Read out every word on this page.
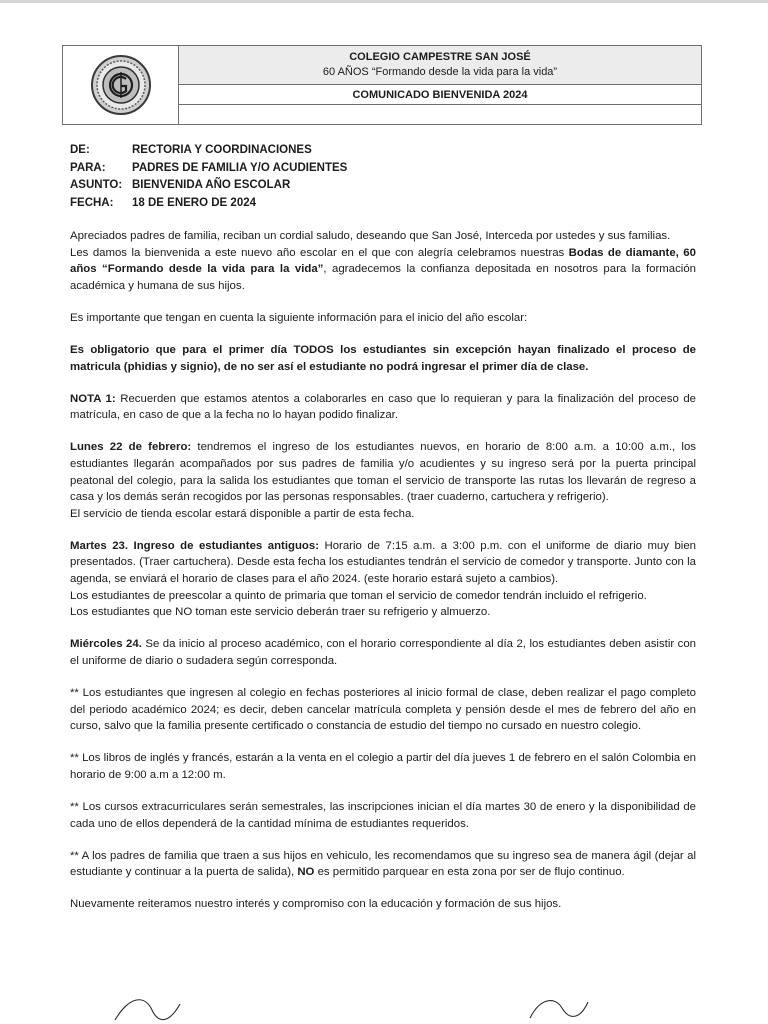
COLEGIO CAMPESTRE SAN JOSÉ
60 AÑOS “Formando desde la vida para la vida”
COMUNICADO BIENVENIDA 2024
DE:	RECTORIA Y COORDINACIONES
PARA:	PADRES DE FAMILIA Y/O ACUDIENTES
ASUNTO: BIENVENIDA AÑO ESCOLAR
FECHA:	18 DE ENERO DE 2024

Apreciados padres de familia, reciban un cordial saludo, deseando que San José, Interceda por ustedes y sus familias.

Les damos la bienvenida a este nuevo año escolar en el que con alegría celebramos nuestras Bodas de diamante, 60 años “Formando desde la vida para la vida”, agradecemos la confianza depositada en nosotros para la formación académica y humana de sus hijos.

Es importante que tengan en cuenta la siguiente información para el inicio del año escolar:

Es obligatorio que para el primer día TODOS los estudiantes sin excepción hayan finalizado el proceso de matricula (phidias y signio), de no ser así el estudiante no podrá ingresar el primer día de clase.

NOTA 1: Recuerden que estamos atentos a colaborarles en caso que lo requieran y para la finalización del proceso de matrícula, en caso de que a la fecha no lo hayan podido finalizar.

Lunes 22 de febrero: tendremos el ingreso de los estudiantes nuevos, en horario de 8:00 a.m. a 10:00 a.m., los estudiantes llegarán acompañados por sus padres de familia y/o acudientes y su ingreso será por la puerta principal peatonal del colegio, para la salida los estudiantes que toman el servicio de transporte las rutas los llevarán de regreso a casa y los demás serán recogidos por las personas responsables. (traer cuaderno, cartuchera y refrigerio).

El servicio de tienda escolar estará disponible a partir de esta fecha.

Martes 23. Ingreso de estudiantes antiguos: Horario de 7:15 a.m. a 3:00 p.m. con el uniforme de diario muy bien presentados. (Traer cartuchera). Desde esta fecha los estudiantes tendrán el servicio de comedor y transporte. Junto con la agenda, se enviará el horario de clases para el año 2024. (este horario estará sujeto a cambios).

Los estudiantes de preescolar a quinto de primaria que toman el servicio de comedor tendrán incluido el refrigerio.

Los estudiantes que NO toman este servicio deberán traer su refrigerio y almuerzo.

Miércoles 24. Se da inicio al proceso académico, con el horario correspondiente al día 2, los estudiantes deben asistir con el uniforme de diario o sudadera según corresponda.

** Los estudiantes que ingresen al colegio en fechas posteriores al inicio formal de clase, deben realizar el pago completo del periodo académico 2024; es decir, deben cancelar matrícula completa y pensión desde el mes de febrero del año en curso, salvo que la familia presente certificado o constancia de estudio del tiempo no cursado en nuestro colegio.

** Los libros de inglés y francés, estarán a la venta en el colegio a partir del día jueves 1 de febrero en el salón Colombia en horario de 9:00 a.m a 12:00 m.

** Los cursos extracurriculares serán semestrales, las inscripciones inician el día martes 30 de enero y la disponibilidad de cada uno de ellos dependerá de la cantidad mínima de estudiantes requeridos.

** A los padres de familia que traen a sus hijos en vehiculo, les recomendamos que su ingreso sea de manera ágil (dejar al estudiante y continuar a la puerta de salida), NO es permitido parquear en esta zona por ser de flujo continuo.

Nuevamente reiteramos nuestro interés y compromiso con la educación y formación de sus hijos.
